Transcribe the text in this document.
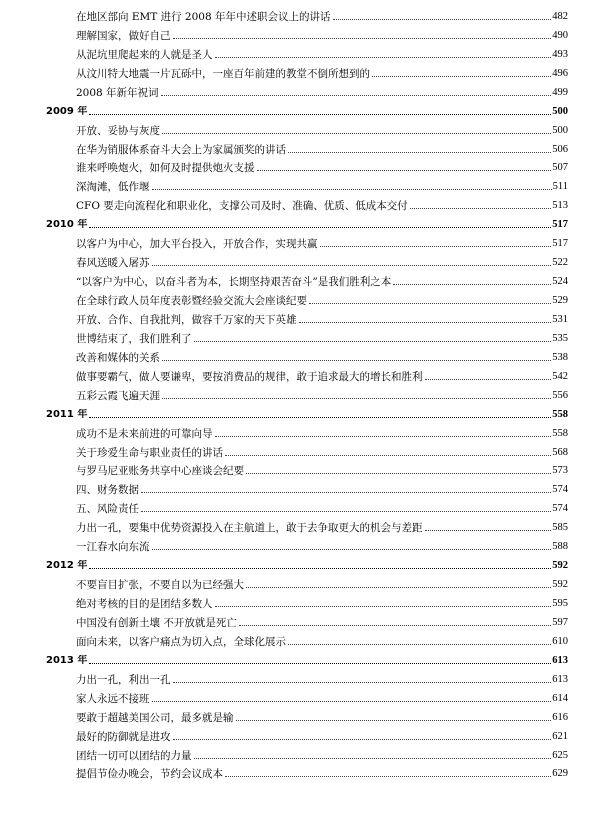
在地区部向 EMT 进行 2008 年年中述职会议上的讲话	482
理解国家，做好自己	490
从泥坑里爬起来的人就是圣人	493
从汶川特大地震一片瓦砾中，一座百年前建的教堂不倒所想到的	496
2008 年新年祝词	499
2009 年	500
开放、妥协与灰度	500
在华为销服体系奋斗大会上为家属颁奖的讲话	506
谁来呼唤炮火，如何及时提供炮火支援	507
深淘滩，低作堰	511
CFO 要走向流程化和职业化，支撑公司及时、准确、优质、低成本交付	513
2010 年	517
以客户为中心，加大平台投入，开放合作，实现共赢	517
春风送暖入屠苏	522
“以客户为中心，以奋斗者为本，长期坚持艰苦奋斗”是我们胜利之本	524
在全球行政人员年度表彰暨经验交流大会座谈纪要	529
开放、合作、自我批判，做容千万家的天下英雄	531
世博结束了，我们胜利了	535
改善和媒体的关系	538
做事要霸气，做人要谦卑，要按消费品的规律，敢于追求最大的增长和胜利	542
五彩云霞飞遍天涯	556
2011 年	558
成功不是未来前进的可靠向导	558
关于珍爱生命与职业责任的讲话	568
与罗马尼亚账务共享中心座谈会纪要	573
四、财务数据	574
五、风险责任	574
力出一孔，要集中优势资源投入在主航道上，敢于去争取更大的机会与差距	585
一江春水向东流	588
2012 年	592
不要盲目扩张，不要自以为已经强大	592
绝对考核的目的是团结多数人	595
中国没有创新土壤 不开放就是死亡	597
面向未来，以客户痛点为切入点，全球化展示	610
2013 年	613
力出一孔，利出一孔	613
家人永远不接班	614
要敢于超越美国公司，最多就是输	616
最好的防御就是进攻	621
团结一切可以团结的力量	625
提倡节俭办晚会，节约会议成本	629
